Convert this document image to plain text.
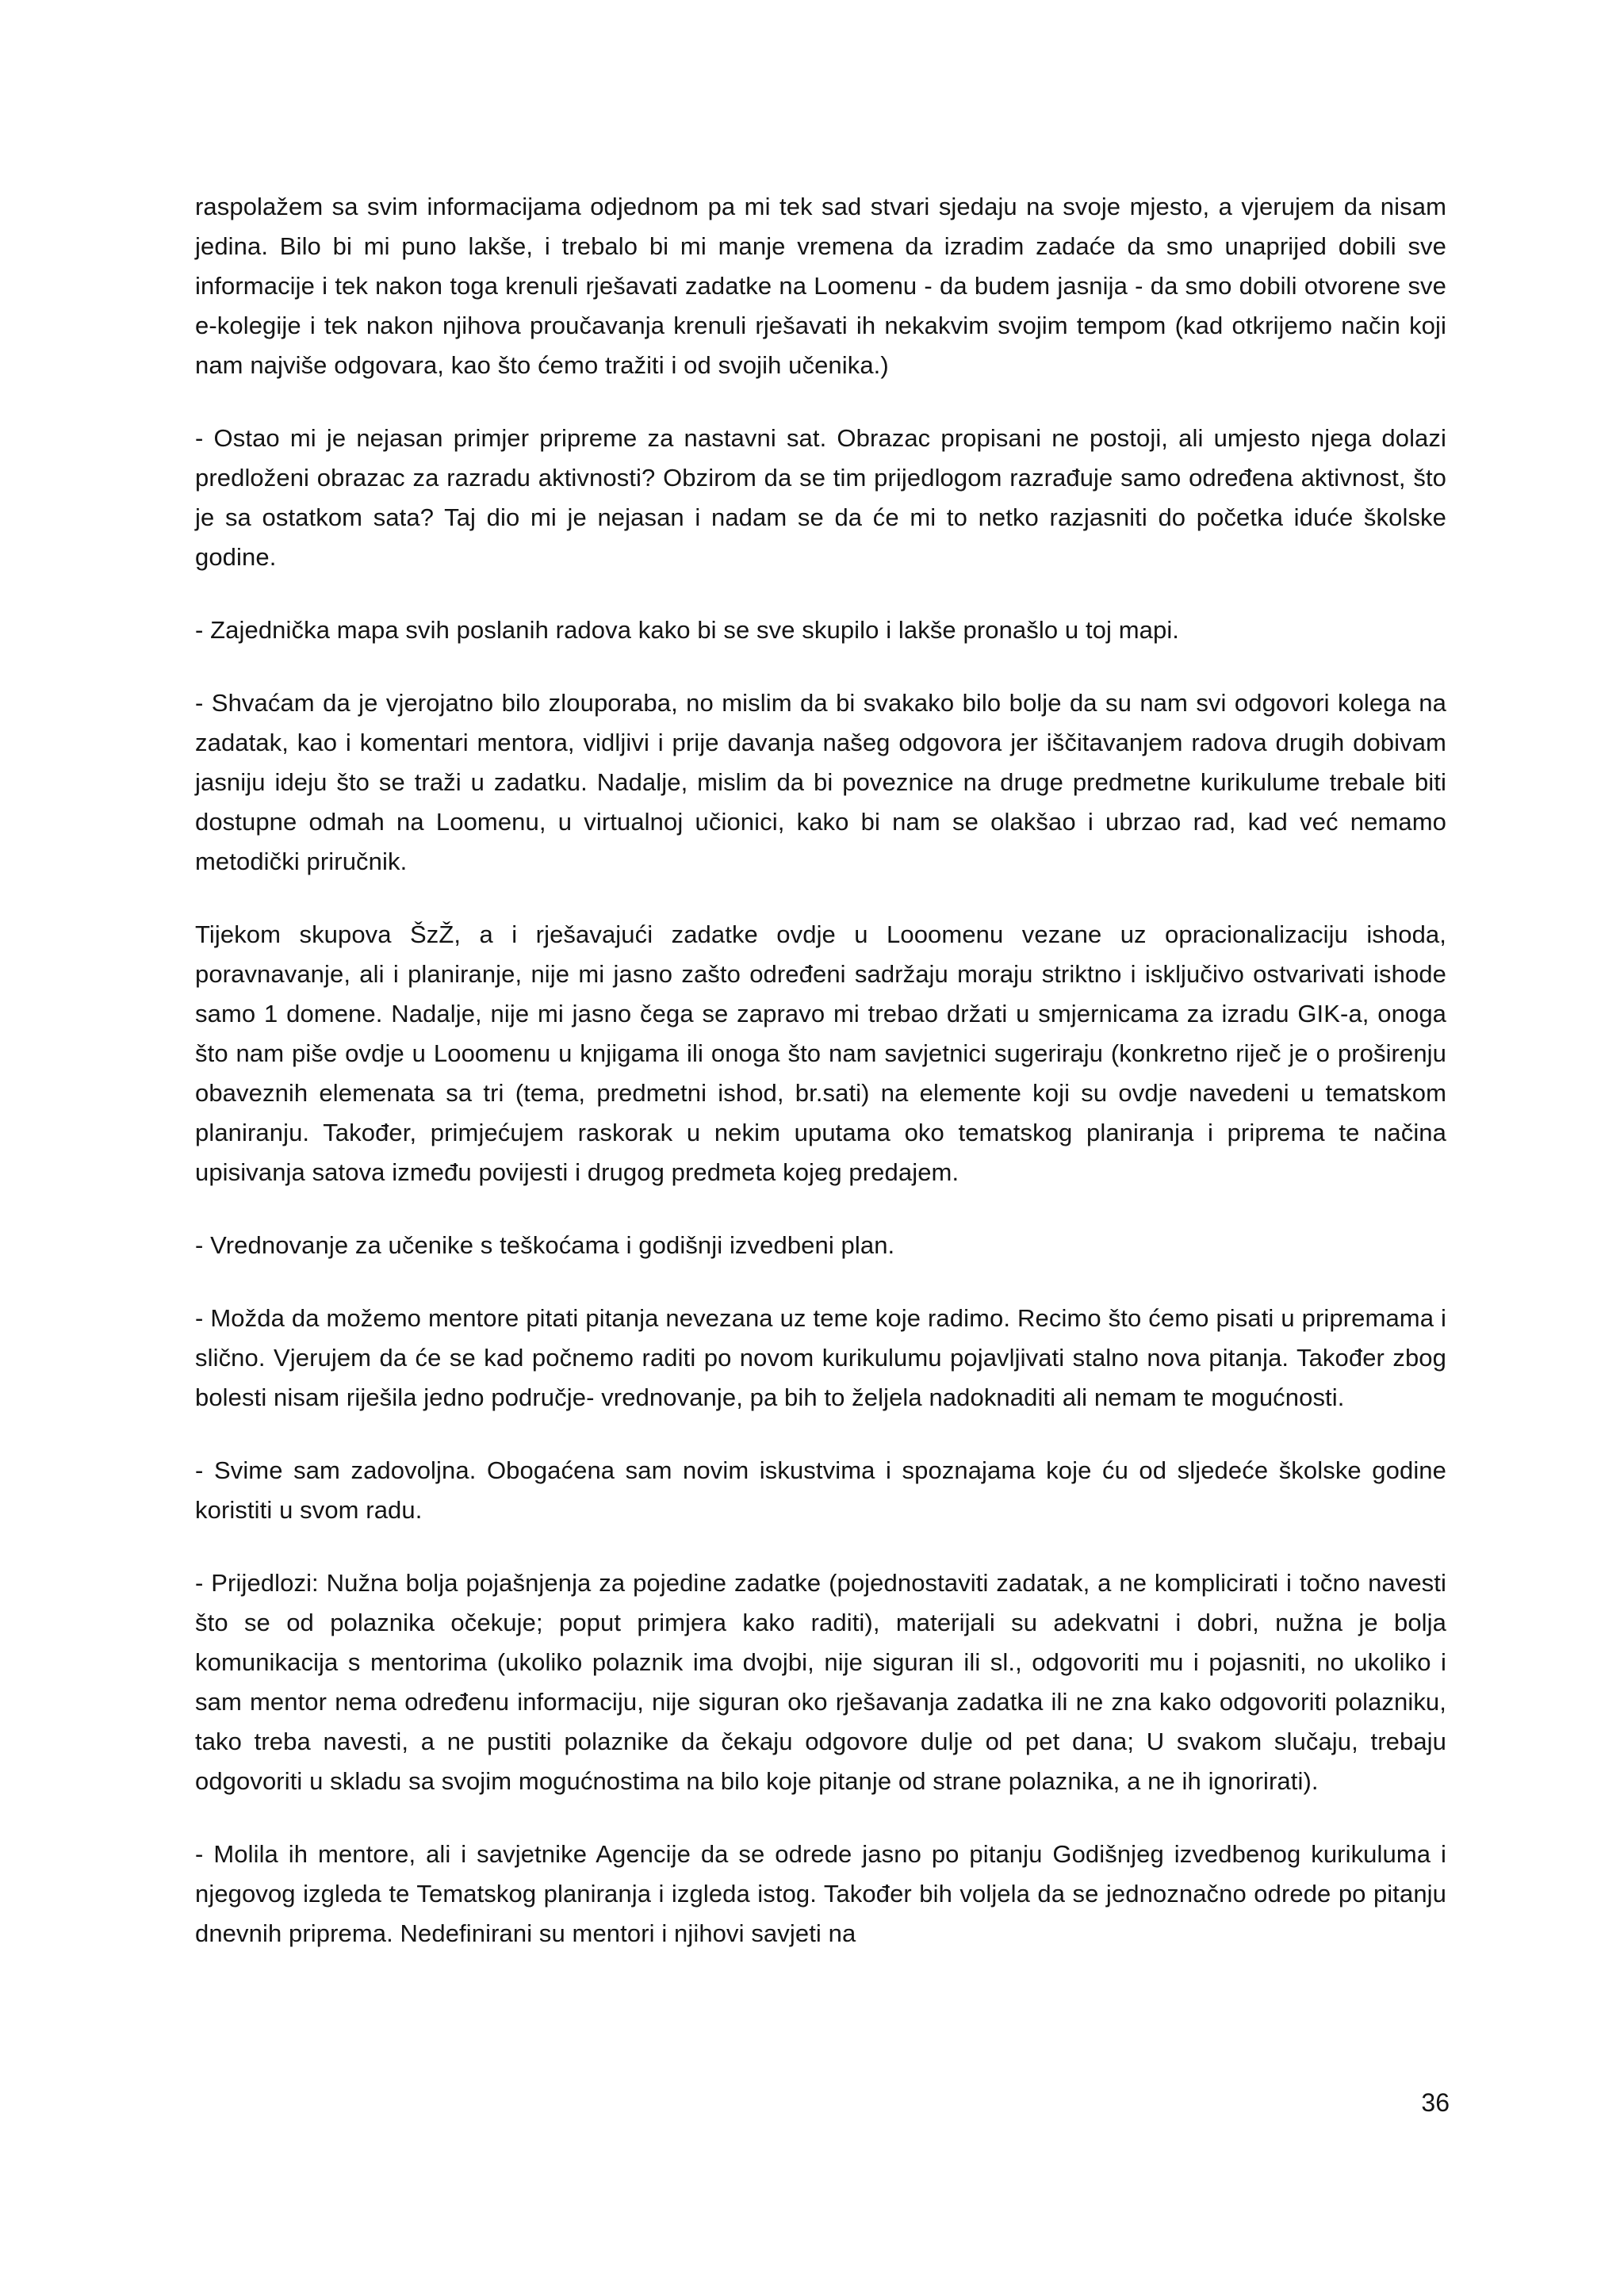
raspolažem sa svim informacijama odjednom pa mi tek sad stvari sjedaju na svoje mjesto, a vjerujem da nisam jedina. Bilo bi mi puno lakše, i trebalo bi mi manje vremena da izradim zadaće da smo unaprijed dobili sve informacije i tek nakon toga krenuli rješavati zadatke na Loomenu - da budem jasnija - da smo dobili otvorene sve e-kolegije i tek nakon njihova proučavanja krenuli rješavati ih nekakvim svojim tempom (kad otkrijemo način koji nam najviše odgovara, kao što ćemo tražiti i od svojih učenika.)

- Ostao mi je nejasan primjer pripreme za nastavni sat. Obrazac propisani ne postoji, ali umjesto njega dolazi predloženi obrazac za razradu aktivnosti? Obzirom da se tim prijedlogom razrađuje samo određena aktivnost, što je sa ostatkom sata? Taj dio mi je nejasan i nadam se da će mi to netko razjasniti do početka iduće školske godine.

- Zajednička mapa svih poslanih radova kako bi se sve skupilo i lakše pronašlo u toj mapi.

- Shvaćam da je vjerojatno bilo zlouporaba, no mislim da bi svakako bilo bolje da su nam svi odgovori kolega na zadatak, kao i komentari mentora, vidljivi i prije davanja našeg odgovora jer iščitavanjem radova drugih dobivam jasniju ideju što se traži u zadatku. Nadalje, mislim da bi poveznice na druge predmetne kurikulume trebale biti dostupne odmah na Loomenu, u virtualnoj učionici, kako bi nam se olakšao i ubrzao rad, kad već nemamo metodički priručnik.

Tijekom skupova ŠzŽ, a i rješavajući zadatke ovdje u Looomenu vezane uz opracionalizaciju ishoda, poravnavanje, ali i planiranje, nije mi jasno zašto određeni sadržaju moraju striktno i isključivo ostvarivati ishode samo 1 domene. Nadalje, nije mi jasno čega se zapravo mi trebao držati u smjernicama za izradu GIK-a, onoga što nam piše ovdje u Looomenu u knjigama ili onoga što nam savjetnici sugeriraju (konkretno riječ je o proširenju obaveznih elemenata sa tri (tema, predmetni ishod, br.sati) na elemente koji su ovdje navedeni u tematskom planiranju. Također, primjećujem raskorak u nekim uputama oko tematskog planiranja i priprema te načina upisivanja satova između povijesti i drugog predmeta kojeg predajem.

- Vrednovanje za učenike s teškoćama i godišnji izvedbeni plan.

- Možda da možemo mentore pitati pitanja nevezana uz teme koje radimo. Recimo što ćemo pisati u pripremama i slično. Vjerujem da će se kad počnemo raditi po novom kurikulumu pojavljivati stalno nova pitanja. Također zbog bolesti nisam riješila jedno područje- vrednovanje, pa bih to željela nadoknaditi ali nemam te mogućnosti.

- Svime sam zadovoljna. Obogaćena sam novim iskustvima i spoznajama koje ću od sljedeće školske godine koristiti u svom radu.

- Prijedlozi: Nužna bolja pojašnjenja za pojedine zadatke (pojednostaviti zadatak, a ne komplicirati i točno navesti što se od polaznika očekuje; poput primjera kako raditi), materijali su adekvatni i dobri, nužna je bolja komunikacija s mentorima (ukoliko polaznik ima dvojbi, nije siguran ili sl., odgovoriti mu i pojasniti, no ukoliko i sam mentor nema određenu informaciju, nije siguran oko rješavanja zadatka ili ne zna kako odgovoriti polazniku, tako treba navesti, a ne pustiti polaznike da čekaju odgovore dulje od pet dana; U svakom slučaju, trebaju odgovoriti u skladu sa svojim mogućnostima na bilo koje pitanje od strane polaznika, a ne ih ignorirati).

- Molila ih mentore, ali i savjetnike Agencije da se odrede jasno po pitanju Godišnjeg izvedbenog kurikuluma i njegovog izgleda te Tematskog planiranja i izgleda istog. Također bih voljela da se jednoznačno odrede po pitanju dnevnih priprema. Nedefinirani su mentori i njihovi savjeti na

36
